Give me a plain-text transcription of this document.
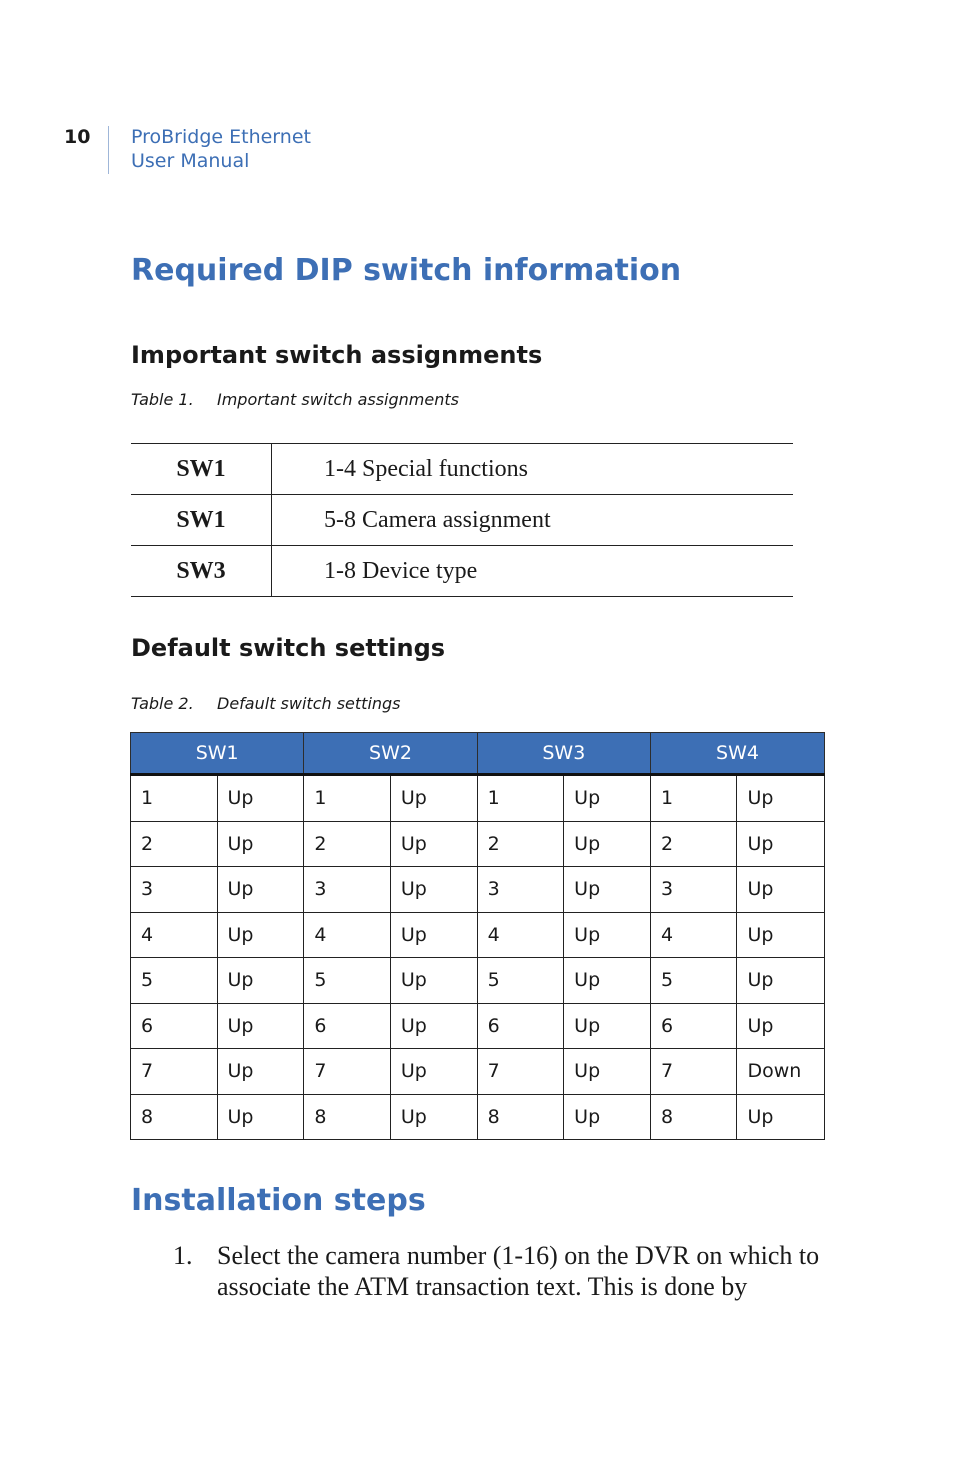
10 ProBridge Ethernet
User Manual
Required DIP switch information
Important switch assignments
Table 1. Important switch assignments
SW1	1-4 Special functions
SW1	5-8 Camera assignment
SW3	1-8 Device type
Default switch settings
Table 2. Default switch settings
SW1		SW2		SW3		SW4	
1	Up	1	Up	1	Up	1	Up
2	Up	2	Up	2	Up	2	Up
3	Up	3	Up	3	Up	3	Up
4	Up	4	Up	4	Up	4	Up
5	Up	5	Up	5	Up	5	Up
6	Up	6	Up	6	Up	6	Up
7	Up	7	Up	7	Up	7	Down
8	Up	8	Up	8	Up	8	Up
Installation steps
1. Select the camera number (1-16) on the DVR on which to associate the ATM transaction text. This is done by
